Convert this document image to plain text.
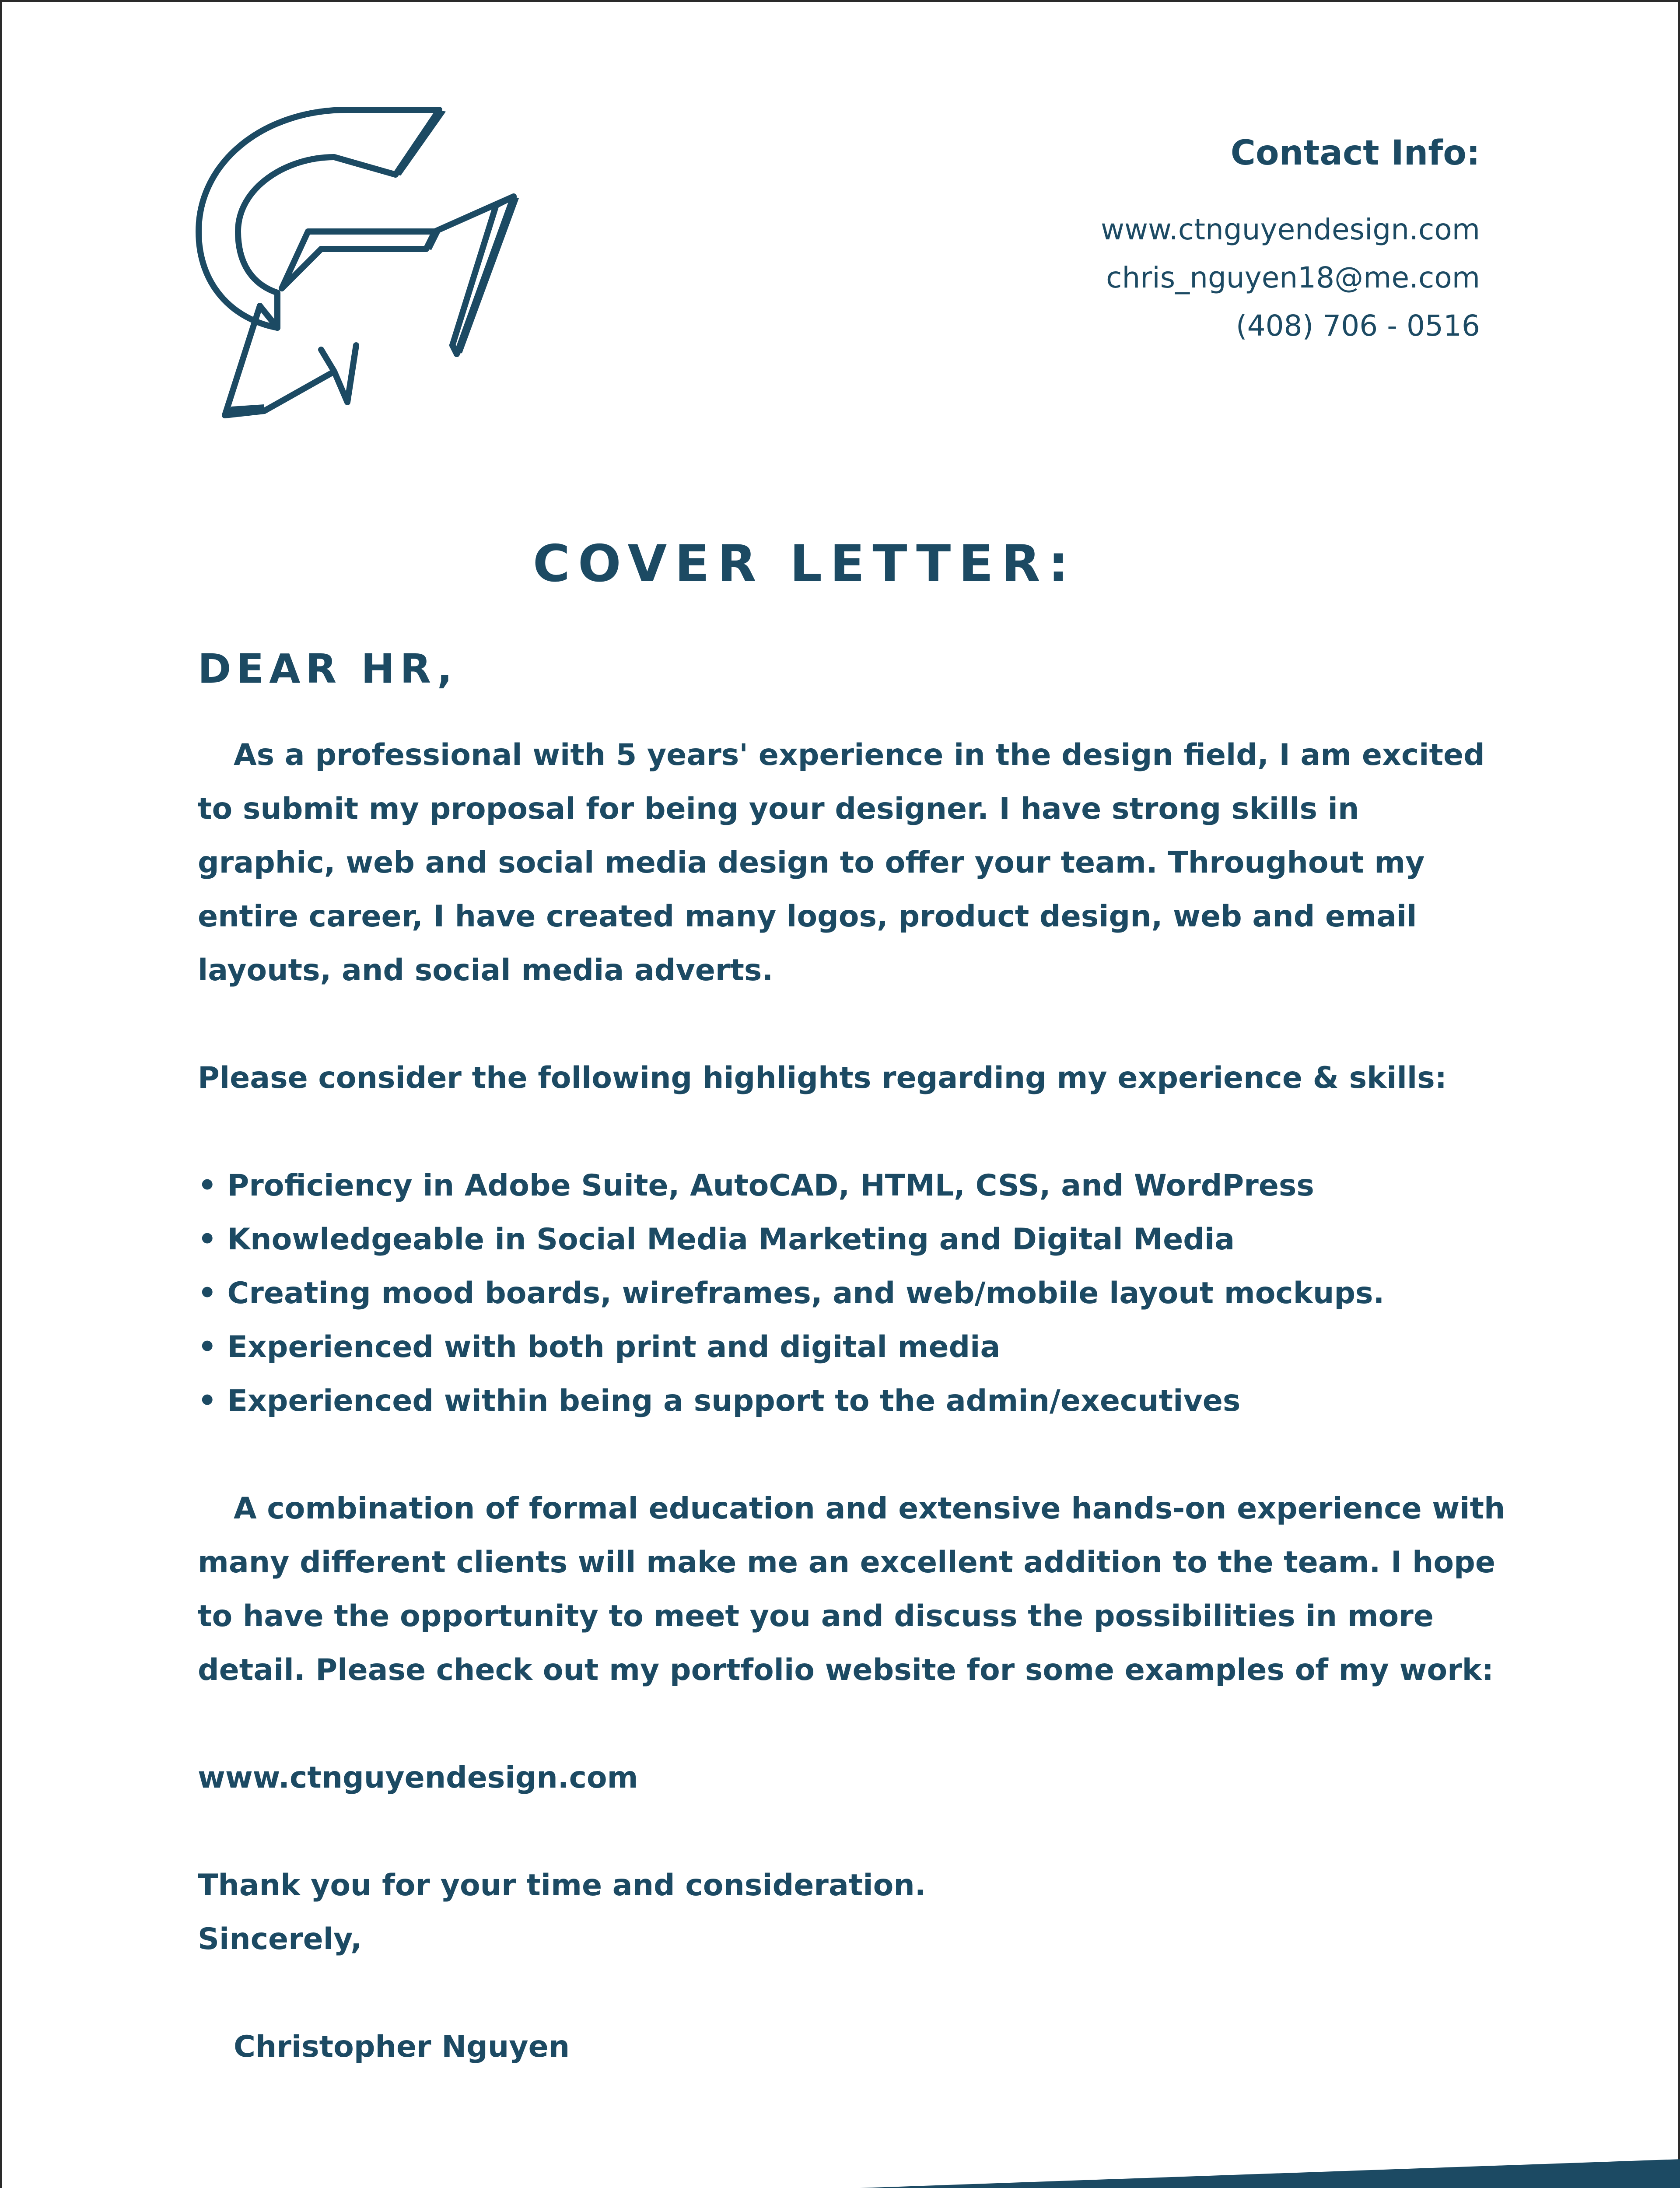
Contact Info:
www.ctnguyendesign.com
chris_nguyen18@me.com
(408) 706 - 0516
COVER LETTER:
DEAR HR,

As a professional with 5 years' experience in the design field, I am excited to submit my proposal for being your designer. I have strong skills in graphic, web and social media design to offer your team. Throughout my entire career, I have created many logos, product design, web and email layouts, and social media adverts.

Please consider the following highlights regarding my experience & skills:

• Proficiency in Adobe Suite, AutoCAD, HTML, CSS, and WordPress
• Knowledgeable in Social Media Marketing and Digital Media
• Creating mood boards, wireframes, and web/mobile layout mockups.
• Experienced with both print and digital media
• Experienced within being a support to the admin/executives

A combination of formal education and extensive hands-on experience with many different clients will make me an excellent addition to the team. I hope to have the opportunity to meet you and discuss the possibilities in more detail. Please check out my portfolio website for some examples of my work:

www.ctnguyendesign.com

Thank you for your time and consideration.

Sincerely,

Christopher Nguyen
